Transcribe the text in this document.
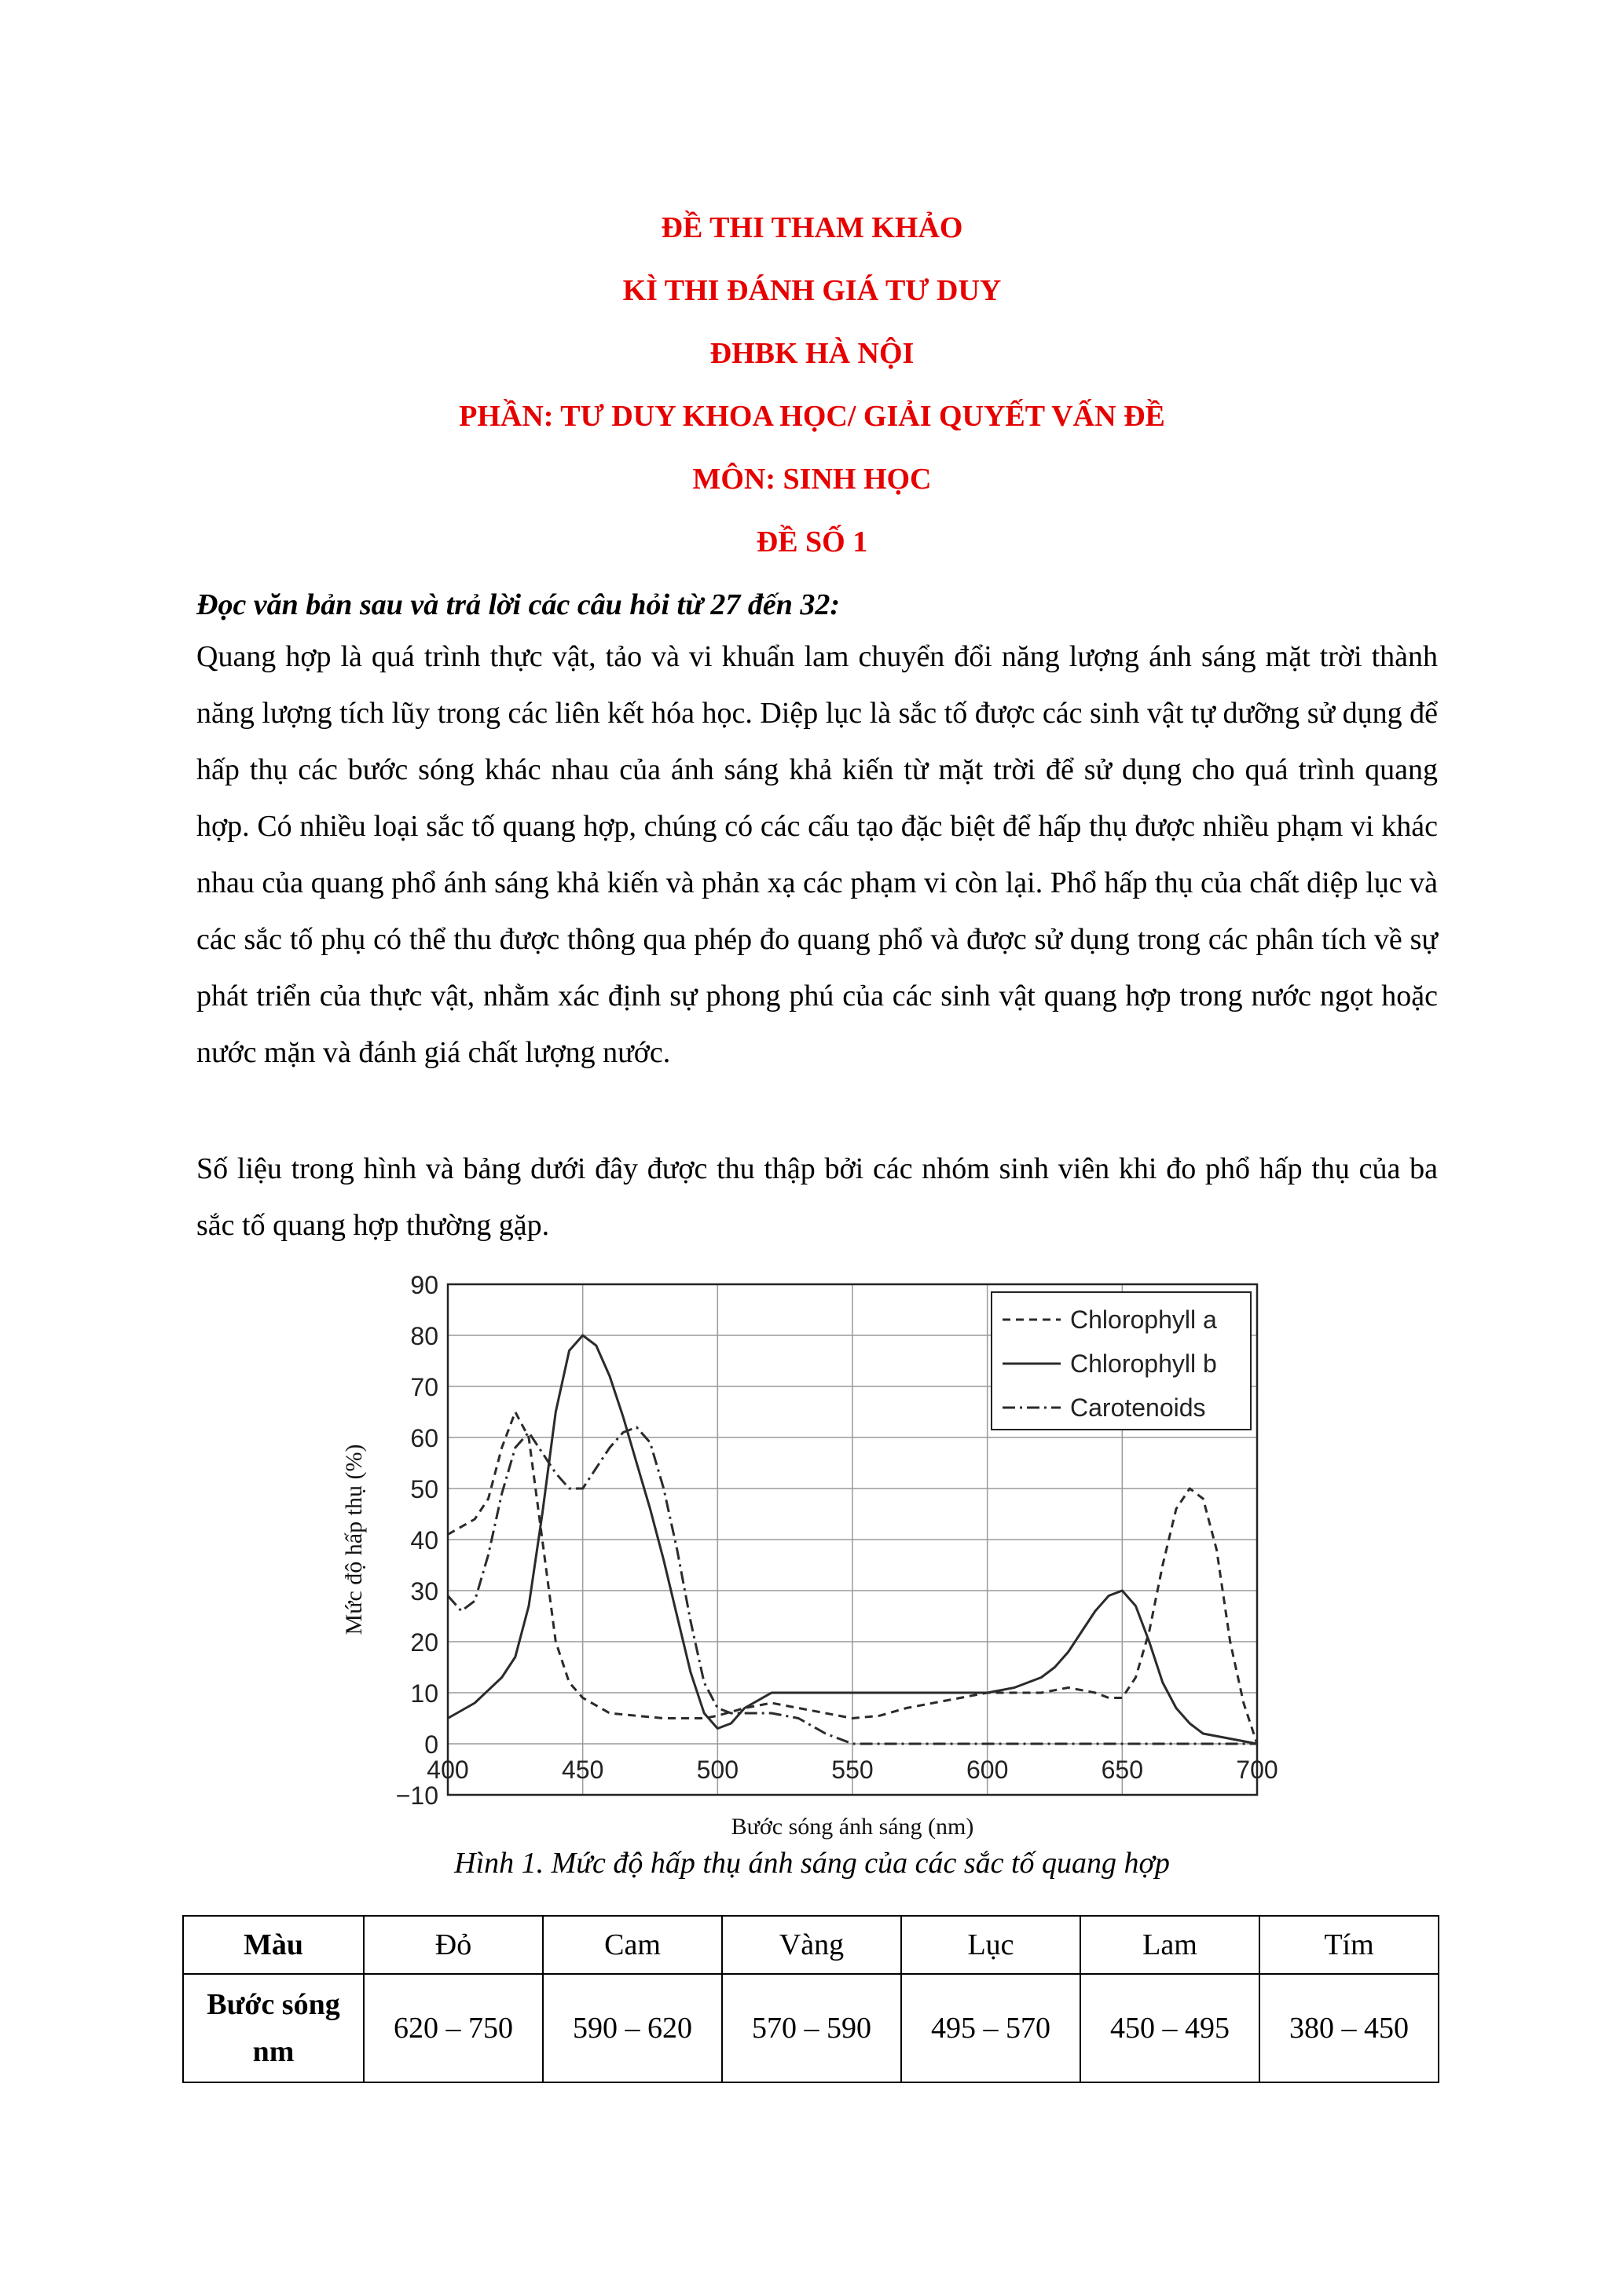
ĐỀ THI THAM KHẢO
KÌ THI ĐÁNH GIÁ TƯ DUY
ĐHBK HÀ NỘI
PHẦN: TƯ DUY KHOA HỌC/ GIẢI QUYẾT VẤN ĐỀ
MÔN: SINH HỌC
ĐỀ SỐ 1
Đọc văn bản sau và trả lời các câu hỏi từ 27 đến 32:
Quang hợp là quá trình thực vật, tảo và vi khuẩn lam chuyển đổi năng lượng ánh sáng mặt trời thành năng lượng tích lũy trong các liên kết hóa học. Diệp lục là sắc tố được các sinh vật tự dưỡng sử dụng để hấp thụ các bước sóng khác nhau của ánh sáng khả kiến từ mặt trời để sử dụng cho quá trình quang hợp. Có nhiều loại sắc tố quang hợp, chúng có các cấu tạo đặc biệt để hấp thụ được nhiều phạm vi khác nhau của quang phổ ánh sáng khả kiến và phản xạ các phạm vi còn lại. Phổ hấp thụ của chất diệp lục và các sắc tố phụ có thể thu được thông qua phép đo quang phổ và được sử dụng trong các phân tích về sự phát triển của thực vật, nhằm xác định sự phong phú của các sinh vật quang hợp trong nước ngọt hoặc nước mặn và đánh giá chất lượng nước.
Số liệu trong hình và bảng dưới đây được thu thập bởi các nhóm sinh viên khi đo phổ hấp thụ của ba sắc tố quang hợp thường gặp.
−10
0
10
20
30
40
50
60
70
80
90
400	450	500	550	600	650	700
Bước sóng ánh sáng (nm)
Mức độ hấp thụ (%)
Chlorophyll a
Chlorophyll b
Carotenoids
Hình 1. Mức độ hấp thụ ánh sáng của các sắc tố quang hợp
Màu	Đỏ	Cam	Vàng	Lục	Lam	Tím
Bước sóng
nm	620 – 750	590 – 620	570 – 590	495 – 570	450 – 495	380 – 450
